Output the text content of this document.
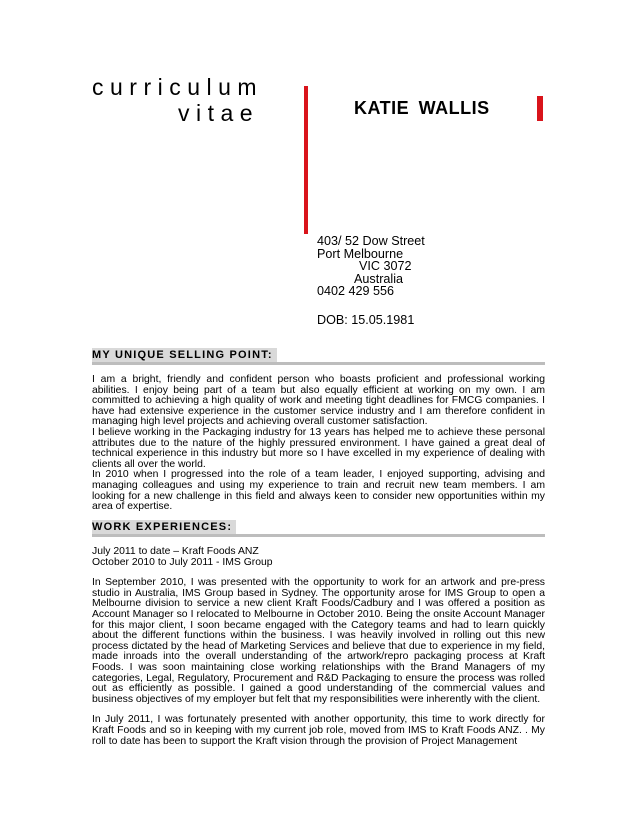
curriculum
vitae	KATIE WALLIS
403/ 52 Dow Street
Port Melbourne
VIC 3072
Australia
0402 429 556
DOB: 15.05.1981
MY UNIQUE SELLING POINT:

I am a bright, friendly and confident person who boasts proficient and professional working abilities. I enjoy being part of a team but also equally efficient at working on my own. I am committed to achieving a high quality of work and meeting tight deadlines for FMCG companies. I have had extensive experience in the customer service industry and I am therefore confident in managing high level projects and achieving overall customer satisfaction.

I believe working in the Packaging industry for 13 years has helped me to achieve these personal attributes due to the nature of the highly pressured environment. I have gained a great deal of technical experience in this industry but more so I have excelled in my experience of dealing with clients all over the world.

In 2010 when I progressed into the role of a team leader, I enjoyed supporting, advising and managing colleagues and using my experience to train and recruit new team members. I am looking for a new challenge in this field and always keen to consider new opportunities within my area of expertise.

WORK EXPERIENCES:

July 2011 to date – Kraft Foods ANZ

October 2010 to July 2011 - IMS Group

In September 2010, I was presented with the opportunity to work for an artwork and pre-press studio in Australia, IMS Group based in Sydney. The opportunity arose for IMS Group to open a Melbourne division to service a new client Kraft Foods/Cadbury and I was offered a position as Account Manager so I relocated to Melbourne in October 2010. Being the onsite Account Manager for this major client, I soon became engaged with the Category teams and had to learn quickly about the different functions within the business. I was heavily involved in rolling out this new process dictated by the head of Marketing Services and believe that due to experience in my field, made inroads into the overall understanding of the artwork/repro packaging process at Kraft Foods. I was soon maintaining close working relationships with the Brand Managers of my categories, Legal, Regulatory, Procurement and R&D Packaging to ensure the process was rolled out as efficiently as possible. I gained a good understanding of the commercial values and business objectives of my employer but felt that my responsibilities were inherently with the client.

In July 2011, I was fortunately presented with another opportunity, this time to work directly for Kraft Foods and so in keeping with my current job role, moved from IMS to Kraft Foods ANZ. . My roll to date has been to support the Kraft vision through the provision of Project Management
